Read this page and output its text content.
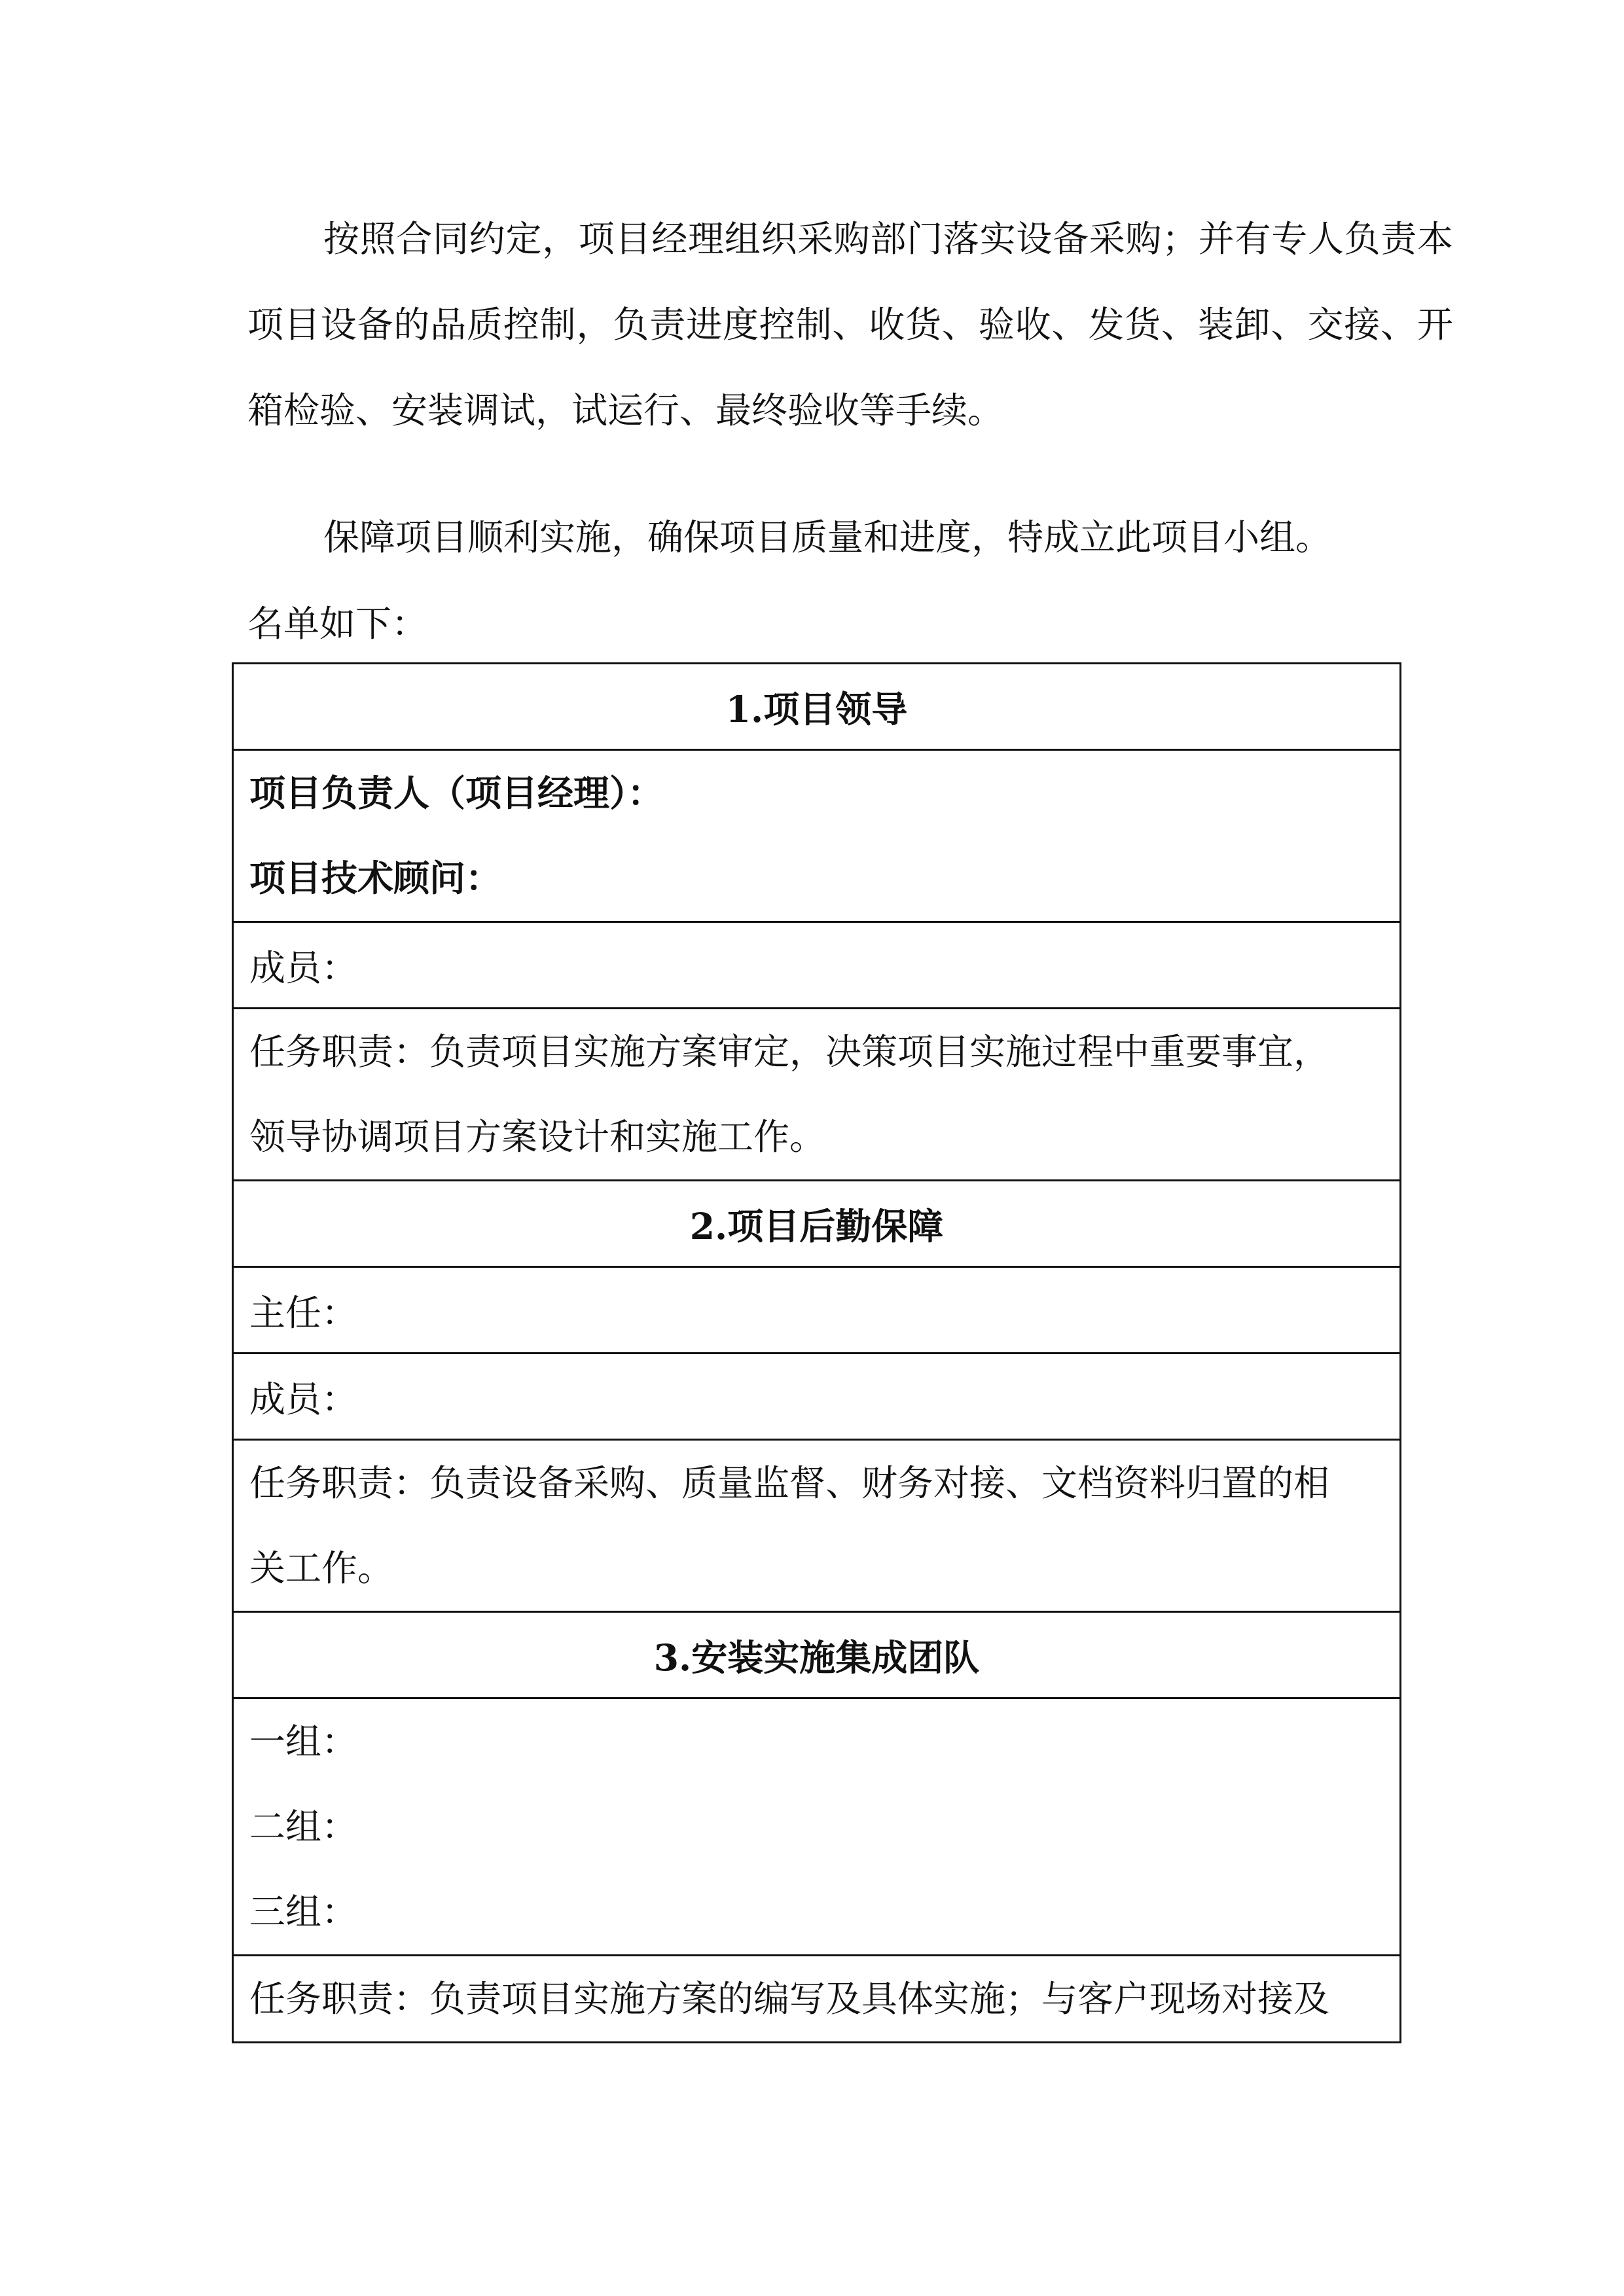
按照合同约定，项目经理组织采购部门落实设备采购；并有专人负责本项目设备的品质控制，负责进度控制、收货、验收、发货、装卸、交接、开箱检验、安装调试，试运行、最终验收等手续。

保障项目顺利实施，确保项目质量和进度，特成立此项目小组。

名单如下：

1.项目领导

项目负责人（项目经理）：
项目技术顾问：

成员：

任务职责：负责项目实施方案审定，决策项目实施过程中重要事宜，
领导协调项目方案设计和实施工作。

2.项目后勤保障
主任：
成员：

任务职责：负责设备采购、质量监督、财务对接、文档资料归置的相
关工作。

3.安装实施集成团队

一组：
二组：
三组：

任务职责：负责项目实施方案的编写及具体实施；与客户现场对接及
